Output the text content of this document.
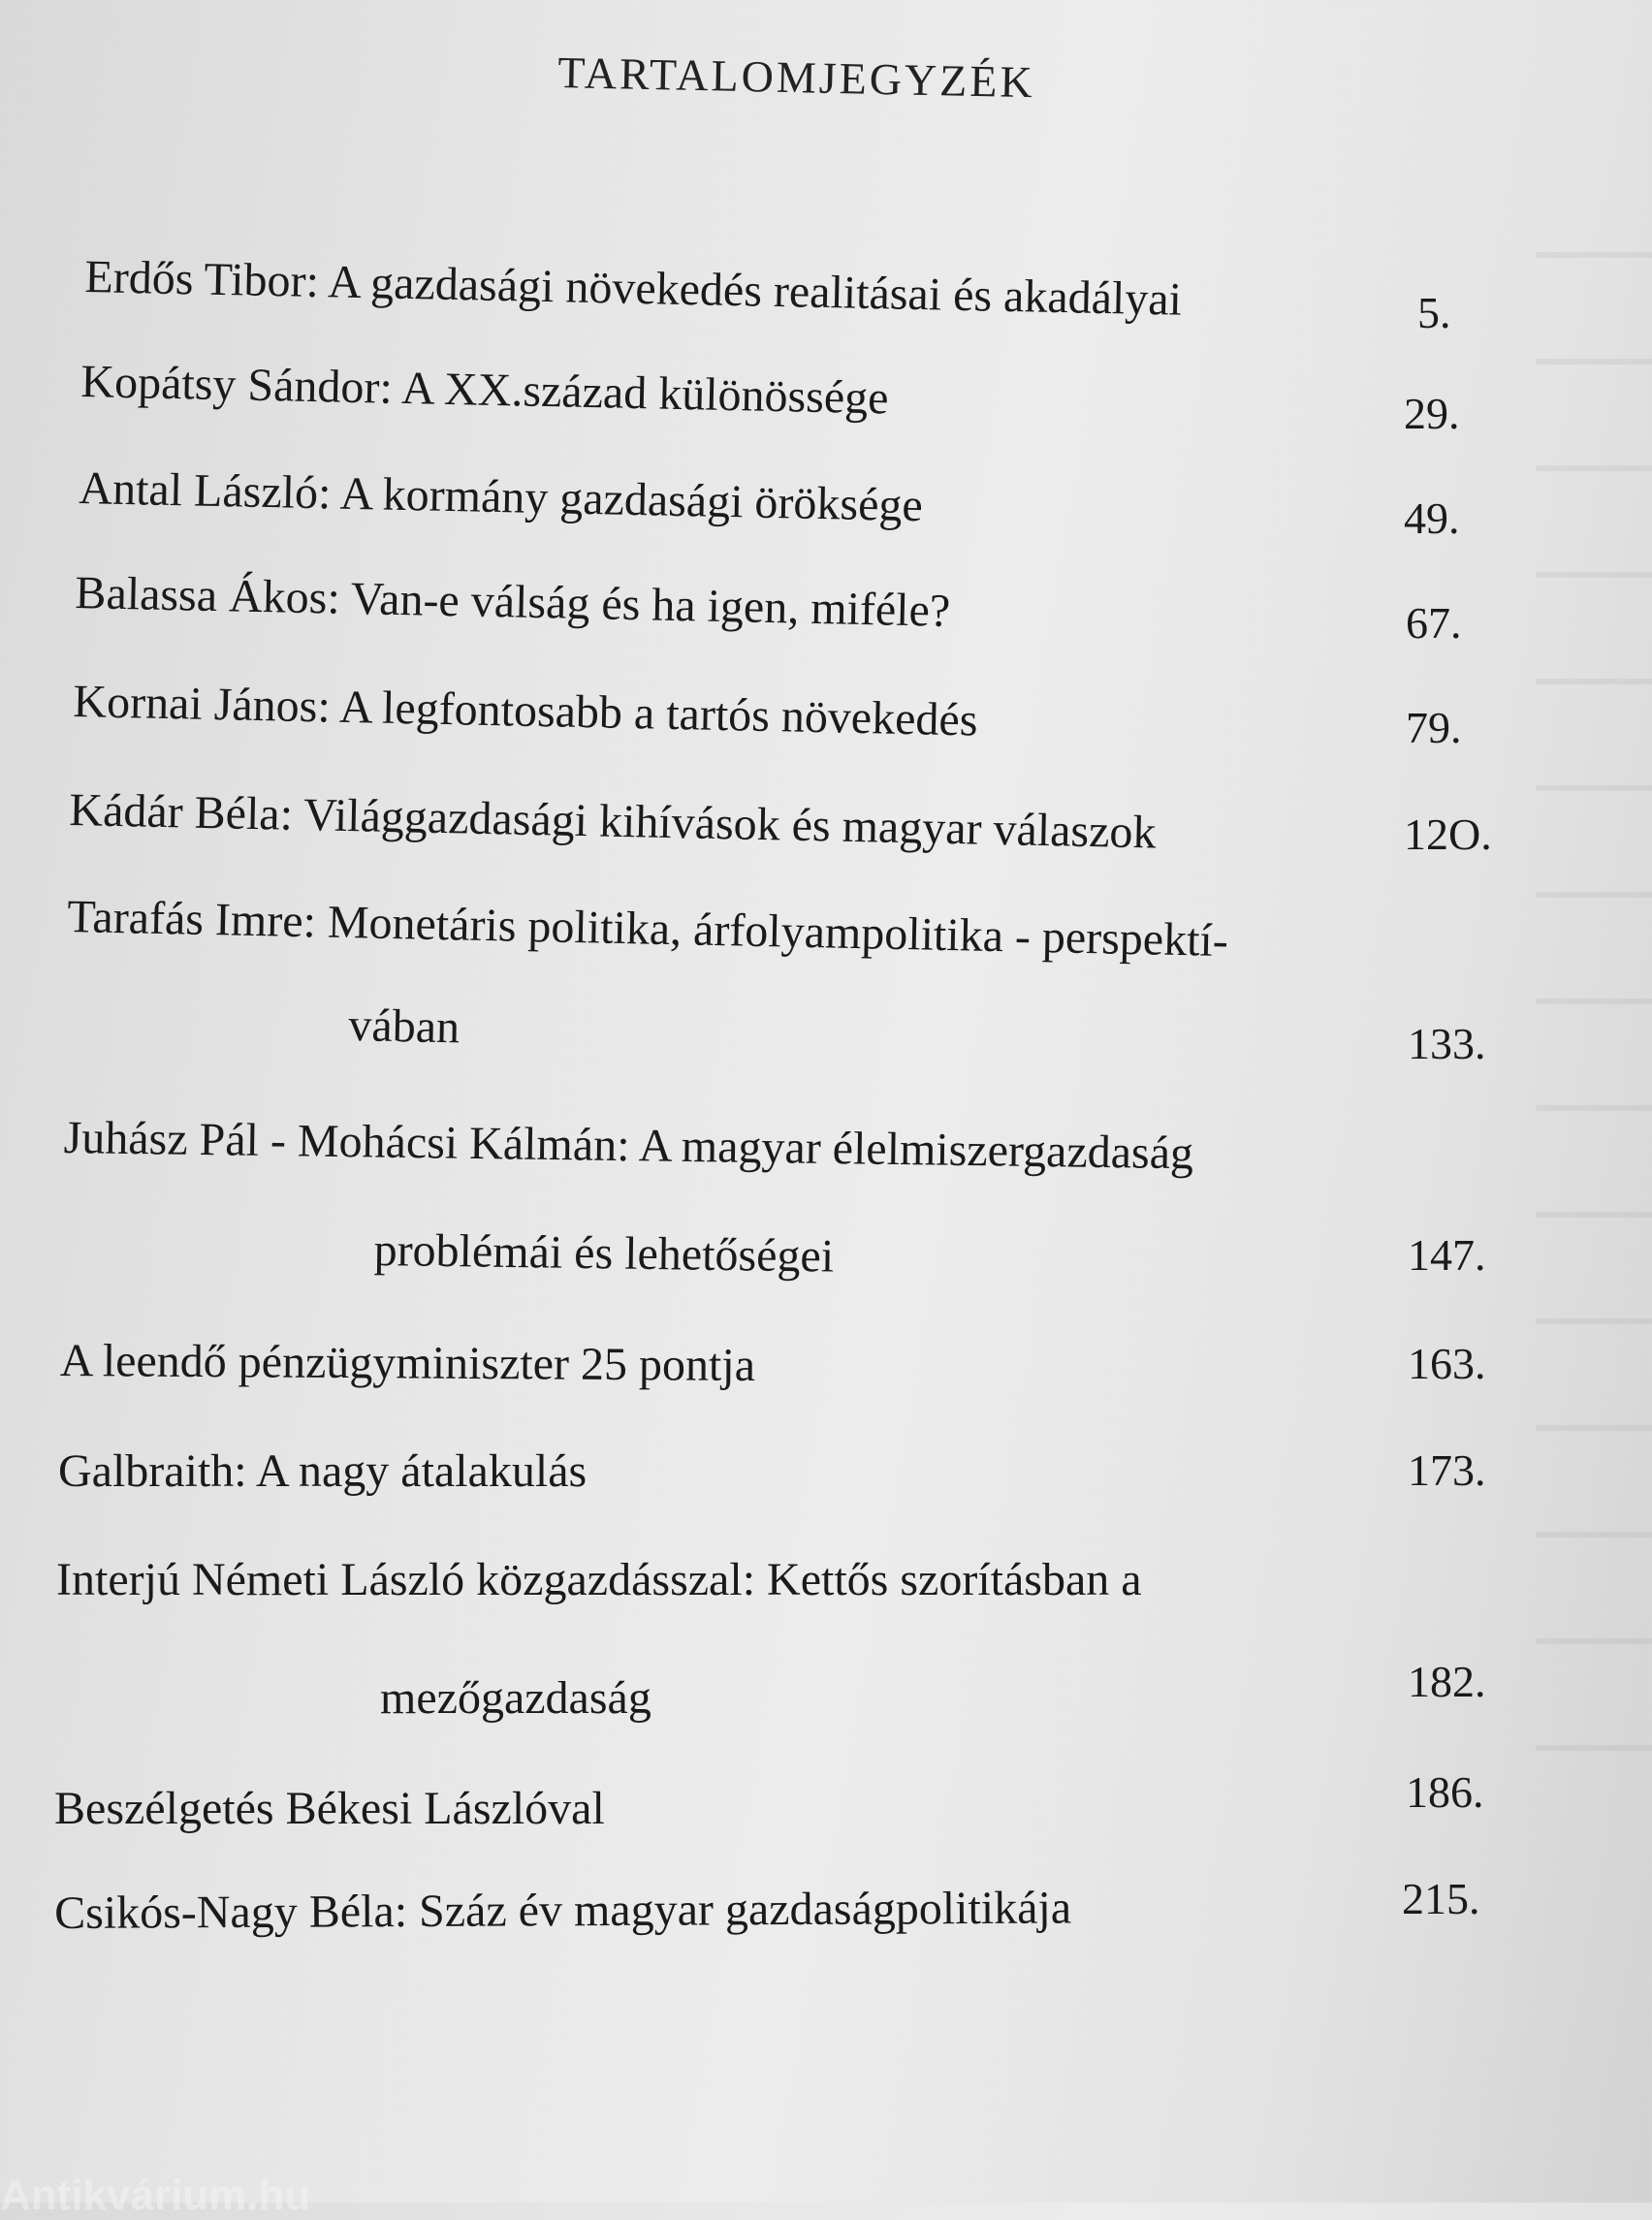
TARTALOMJEGYZÉK
Erdős Tibor: A gazdasági növekedés realitásai és akadályai	5.
Kopátsy Sándor: A XX.század különössége	29.
Antal László: A kormány gazdasági öröksége	49.
Balassa Ákos: Van-e válság és ha igen, miféle?	67.
Kornai János: A legfontosabb a tartós növekedés	79.
Kádár Béla: Világgazdasági kihívások és magyar válaszok	12O.
Tarafás Imre: Monetáris politika, árfolyampolitika - perspektí-
vában	133.
Juhász Pál - Mohácsi Kálmán: A magyar élelmiszergazdaság
problémái és lehetőségei	147.
A leendő pénzügyminiszter 25 pontja	163.
Galbraith: A nagy átalakulás	173.
Interjú Németi László közgazdásszal: Kettős szorításban a
mezőgazdaság	182.
Beszélgetés Békesi Lászlóval	186.
Csikós-Nagy Béla: Száz év magyar gazdaságpolitikája	215.
Antikvárium.hu
